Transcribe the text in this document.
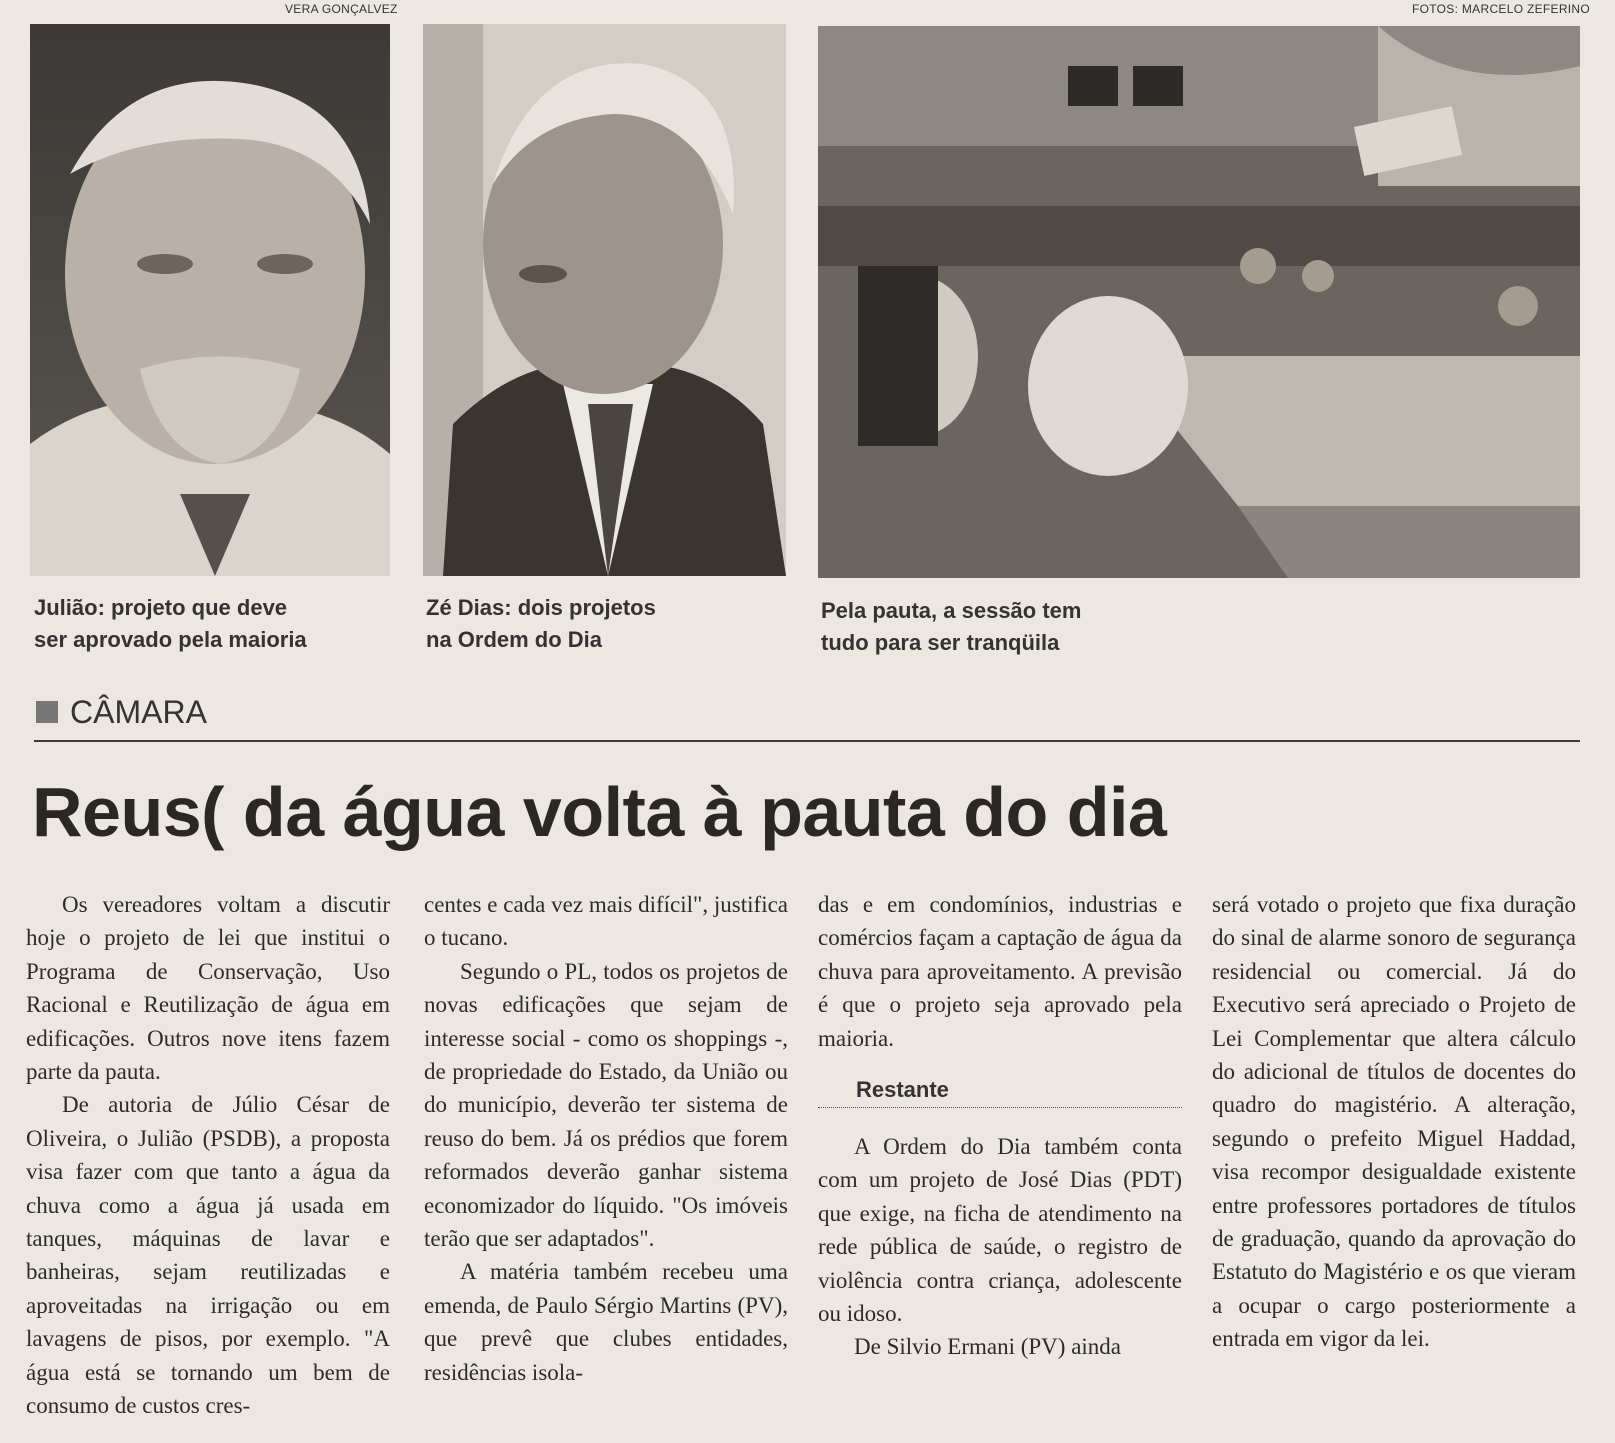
VERA GONÇALVEZ	FOTOS: MARCELO ZEFERINO
Julião: projeto que deve
ser aprovado pela maioria
Zé Dias: dois projetos
na Ordem do Dia
Pela pauta, a sessão tem
tudo para ser tranqüila
CÂMARA
Reus( da água volta à pauta do dia

Os vereadores voltam a discutir hoje o projeto de lei que institui o Programa de Conservação, Uso Racional e Reutilização de água em edificações. Outros nove itens fazem parte da pauta.

De autoria de Júlio César de Oliveira, o Julião (PSDB), a proposta visa fazer com que tanto a água da chuva como a água já usada em tanques, máquinas de lavar e banheiras, sejam reutilizadas e aproveitadas na irrigação ou em lavagens de pisos, por exemplo. "A água está se tornando um bem de consumo de custos cres-

centes e cada vez mais difícil", justifica o tucano.

Segundo o PL, todos os projetos de novas edificações que sejam de interesse social - como os shoppings -, de propriedade do Estado, da União ou do município, deverão ter sistema de reuso do bem. Já os prédios que forem reformados deverão ganhar sistema economizador do líquido. "Os imóveis terão que ser adaptados".

A matéria também recebeu uma emenda, de Paulo Sérgio Martins (PV), que prevê que clubes entidades, residências isola-

das e em condomínios, industrias e comércios façam a captação de água da chuva para aproveitamento. A previsão é que o projeto seja aprovado pela maioria.

Restante

A Ordem do Dia também conta com um projeto de José Dias (PDT) que exige, na ficha de atendimento na rede pública de saúde, o registro de violência contra criança, adolescente ou idoso.

De Silvio Ermani (PV) ainda

será votado o projeto que fixa duração do sinal de alarme sonoro de segurança residencial ou comercial. Já do Executivo será apreciado o Projeto de Lei Complementar que altera cálculo do adicional de títulos de docentes do quadro do magistério. A alteração, segundo o prefeito Miguel Haddad, visa recompor desigualdade existente entre professores portadores de títulos de graduação, quando da aprovação do Estatuto do Magistério e os que vieram a ocupar o cargo posteriormente a entrada em vigor da lei.
